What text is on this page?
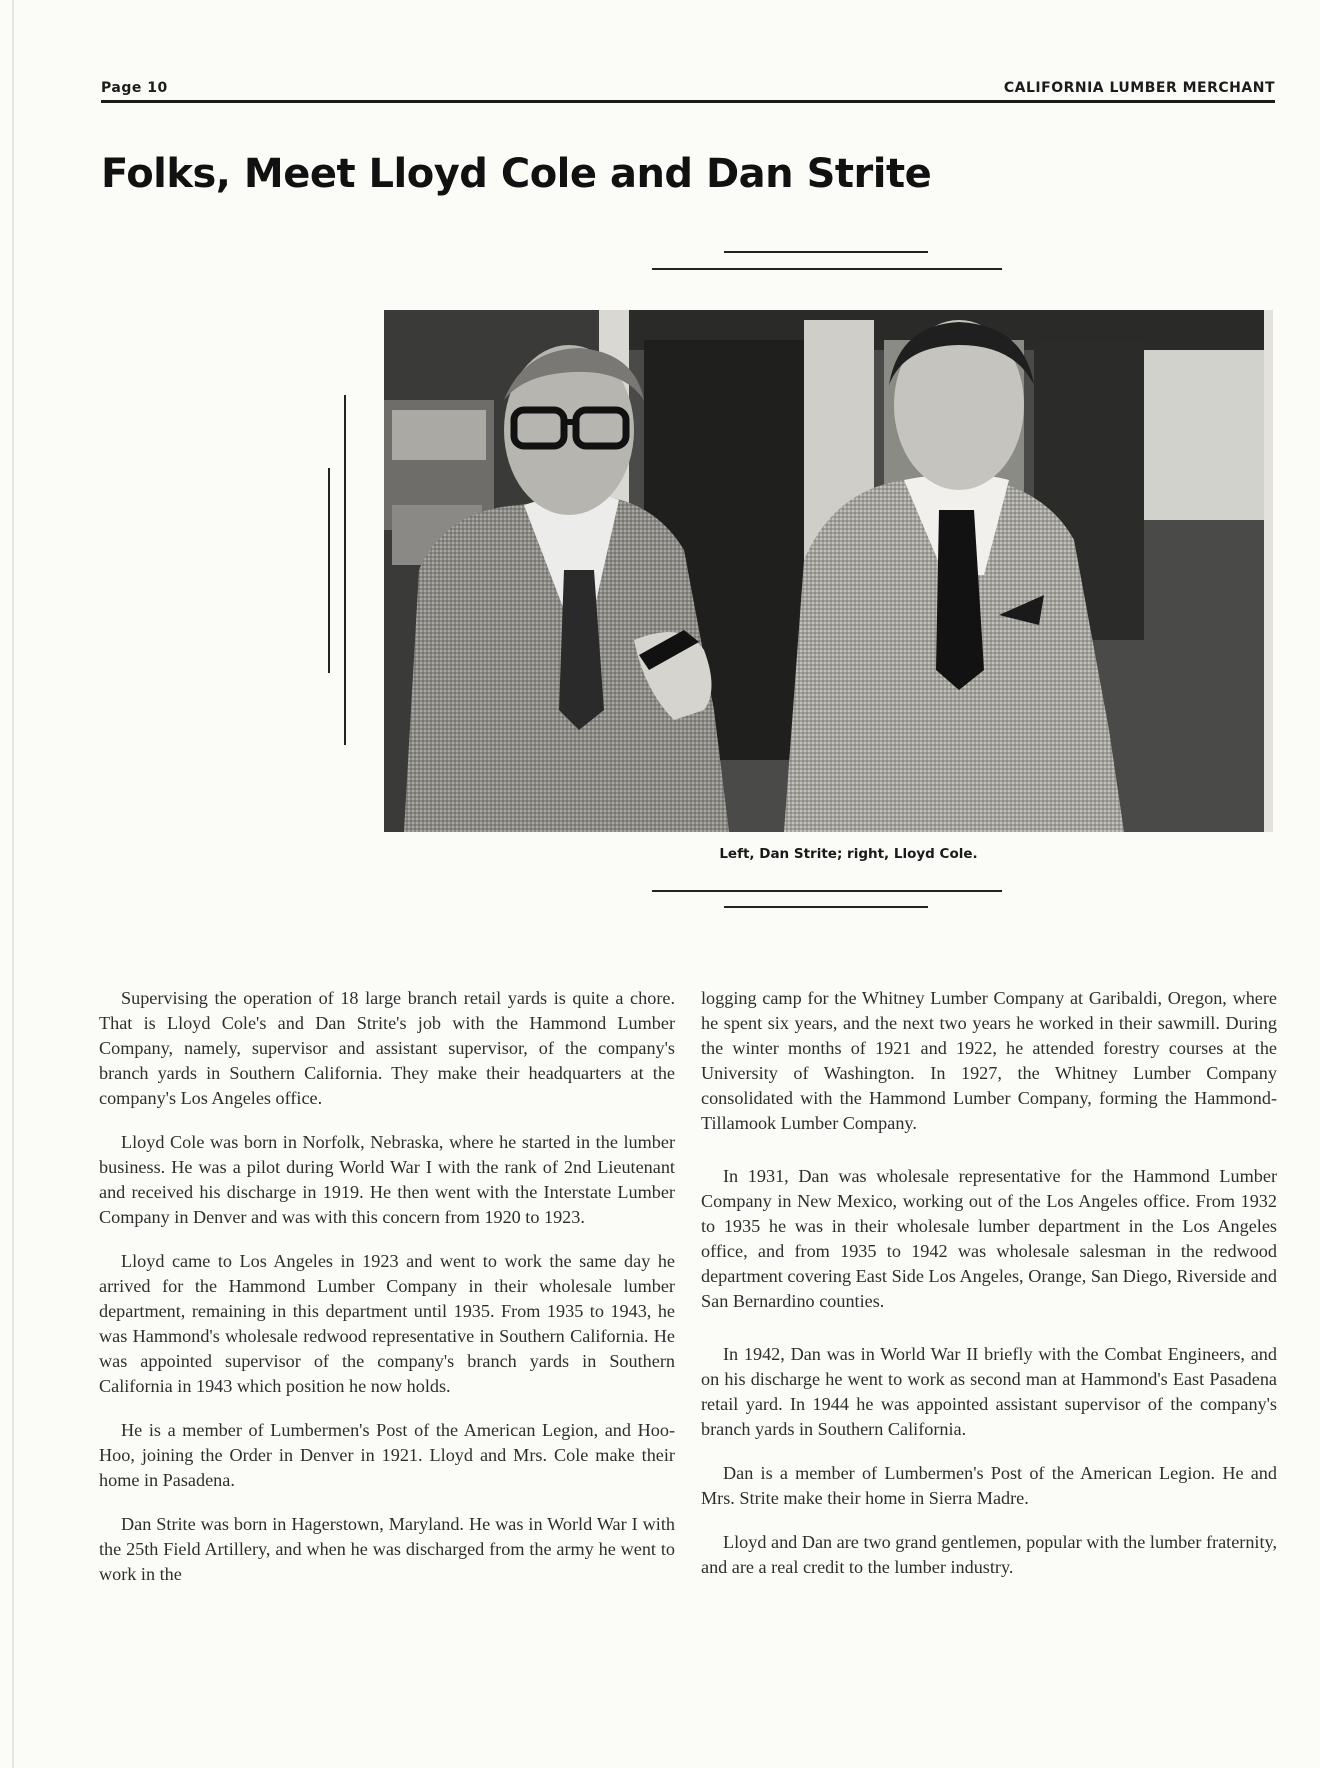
Page 10	CALIFORNIA LUMBER MERCHANT
Folks, Meet Lloyd Cole and Dan Strite
Left, Dan Strite; right, Lloyd Cole.

Supervising the operation of 18 large branch retail yards is quite a chore. That is Lloyd Cole's and Dan Strite's job with the Hammond Lumber Company, namely, supervisor and assistant supervisor, of the company's branch yards in Southern California. They make their headquarters at the company's Los Angeles office.

Lloyd Cole was born in Norfolk, Nebraska, where he started in the lumber business. He was a pilot during World War I with the rank of 2nd Lieutenant and received his discharge in 1919. He then went with the Interstate Lumber Company in Denver and was with this concern from 1920 to 1923.

Lloyd came to Los Angeles in 1923 and went to work the same day he arrived for the Hammond Lumber Company in their wholesale lumber department, remaining in this department until 1935. From 1935 to 1943, he was Hammond's wholesale redwood representative in Southern California. He was appointed supervisor of the company's branch yards in Southern California in 1943 which position he now holds.

He is a member of Lumbermen's Post of the American Legion, and Hoo-Hoo, joining the Order in Denver in 1921. Lloyd and Mrs. Cole make their home in Pasadena.

Dan Strite was born in Hagerstown, Maryland. He was in World War I with the 25th Field Artillery, and when he was discharged from the army he went to work in the

logging camp for the Whitney Lumber Company at Garibaldi, Oregon, where he spent six years, and the next two years he worked in their sawmill. During the winter months of 1921 and 1922, he attended forestry courses at the University of Washington. In 1927, the Whitney Lumber Company consolidated with the Hammond Lumber Company, forming the Hammond-Tillamook Lumber Company.

In 1931, Dan was wholesale representative for the Hammond Lumber Company in New Mexico, working out of the Los Angeles office. From 1932 to 1935 he was in their wholesale lumber department in the Los Angeles office, and from 1935 to 1942 was wholesale salesman in the redwood department covering East Side Los Angeles, Orange, San Diego, Riverside and San Bernardino counties.

In 1942, Dan was in World War II briefly with the Combat Engineers, and on his discharge he went to work as second man at Hammond's East Pasadena retail yard. In 1944 he was appointed assistant supervisor of the company's branch yards in Southern California.

Dan is a member of Lumbermen's Post of the American Legion. He and Mrs. Strite make their home in Sierra Madre.

Lloyd and Dan are two grand gentlemen, popular with the lumber fraternity, and are a real credit to the lumber industry.
